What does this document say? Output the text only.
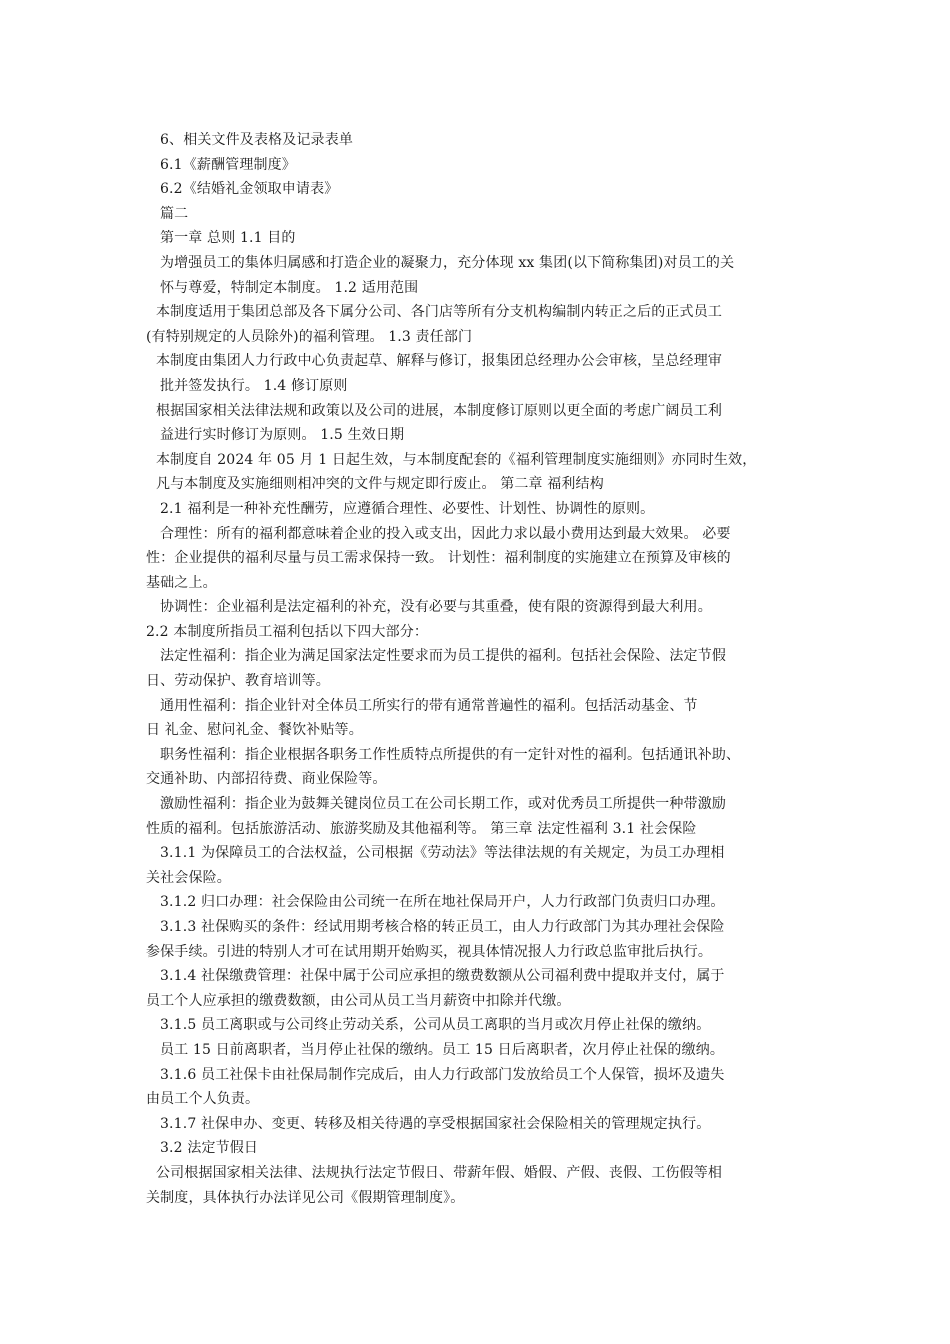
6、相关文件及表格及记录表单

6.1《薪酬管理制度》

6.2《结婚礼金领取申请表》

篇二

第一章 总则 1.1 目的

为增强员工的集体归属感和打造企业的凝聚力，充分体现 xx 集团(以下简称集团)对员工的关

怀与尊爱，特制定本制度。 1.2 适用范围

本制度适用于集团总部及各下属分公司、各门店等所有分支机构编制内转正之后的正式员工

(有特别规定的人员除外)的福利管理。 1.3 责任部门

本制度由集团人力行政中心负责起草、解释与修订，报集团总经理办公会审核，呈总经理审

批并签发执行。 1.4 修订原则

根据国家相关法律法规和政策以及公司的进展，本制度修订原则以更全面的考虑广阔员工利

益进行实时修订为原则。 1.5 生效日期

本制度自 2024 年 05 月 1 日起生效，与本制度配套的《福利管理制度实施细则》亦同时生效，

凡与本制度及实施细则相冲突的文件与规定即行废止。 第二章 福利结构

2.1 福利是一种补充性酬劳，应遵循合理性、必要性、计划性、协调性的原则。

合理性：所有的福利都意味着企业的投入或支出，因此力求以最小费用达到最大效果。 必要

性：企业提供的福利尽量与员工需求保持一致。 计划性：福利制度的实施建立在预算及审核的

基础之上。

协调性：企业福利是法定福利的补充，没有必要与其重叠，使有限的资源得到最大利用。

2.2 本制度所指员工福利包括以下四大部分：

法定性福利：指企业为满足国家法定性要求而为员工提供的福利。包括社会保险、法定节假

日、劳动保护、教育培训等。

通用性福利：指企业针对全体员工所实行的带有通常普遍性的福利。包括活动基金、节

日 礼金、慰问礼金、餐饮补贴等。

职务性福利：指企业根据各职务工作性质特点所提供的有一定针对性的福利。包括通讯补助、

交通补助、内部招待费、商业保险等。

激励性福利：指企业为鼓舞关键岗位员工在公司长期工作，或对优秀员工所提供一种带激励

性质的福利。包括旅游活动、旅游奖励及其他福利等。 第三章 法定性福利 3.1 社会保险

3.1.1 为保障员工的合法权益，公司根据《劳动法》等法律法规的有关规定，为员工办理相

关社会保险。

3.1.2 归口办理：社会保险由公司统一在所在地社保局开户，人力行政部门负责归口办理。

3.1.3 社保购买的条件：经试用期考核合格的转正员工，由人力行政部门为其办理社会保险

参保手续。引进的特别人才可在试用期开始购买，视具体情况报人力行政总监审批后执行。

3.1.4 社保缴费管理：社保中属于公司应承担的缴费数额从公司福利费中提取并支付，属于

员工个人应承担的缴费数额，由公司从员工当月薪资中扣除并代缴。

3.1.5 员工离职或与公司终止劳动关系，公司从员工离职的当月或次月停止社保的缴纳。

员工 15 日前离职者，当月停止社保的缴纳。员工 15 日后离职者，次月停止社保的缴纳。

3.1.6 员工社保卡由社保局制作完成后，由人力行政部门发放给员工个人保管，损坏及遗失

由员工个人负责。

3.1.7 社保申办、变更、转移及相关待遇的享受根据国家社会保险相关的管理规定执行。

3.2 法定节假日

公司根据国家相关法律、法规执行法定节假日、带薪年假、婚假、产假、丧假、工伤假等相

关制度，具体执行办法详见公司《假期管理制度》。
